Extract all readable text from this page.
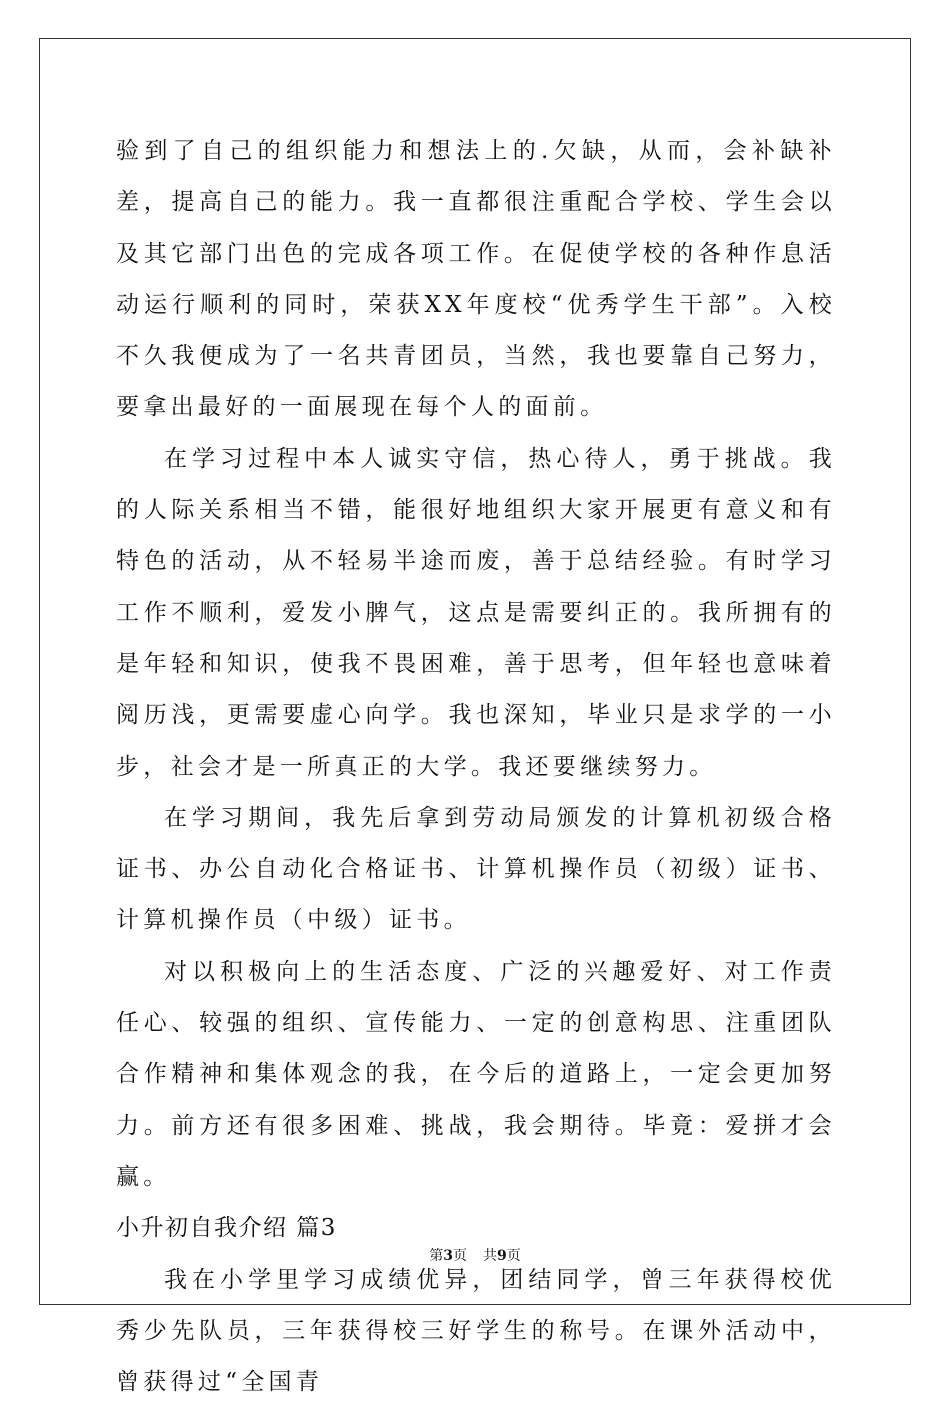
验到了自己的组织能力和想法上的.欠缺，从而，会补缺补差，提高自己的能力。我一直都很注重配合学校、学生会以及其它部门出色的完成各项工作。在促使学校的各种作息活动运行顺利的同时，荣获XX年度校“优秀学生干部”。入校不久我便成为了一名共青团员，当然，我也要靠自己努力，要拿出最好的一面展现在每个人的面前。

在学习过程中本人诚实守信，热心待人，勇于挑战。我的人际关系相当不错，能很好地组织大家开展更有意义和有特色的活动，从不轻易半途而废，善于总结经验。有时学习工作不顺利，爱发小脾气，这点是需要纠正的。我所拥有的是年轻和知识，使我不畏困难，善于思考，但年轻也意味着阅历浅，更需要虚心向学。我也深知，毕业只是求学的一小步，社会才是一所真正的大学。我还要继续努力。

在学习期间，我先后拿到劳动局颁发的计算机初级合格证书、办公自动化合格证书、计算机操作员（初级）证书、计算机操作员（中级）证书。

对以积极向上的生活态度、广泛的兴趣爱好、对工作责任心、较强的组织、宣传能力、一定的创意构思、注重团队合作精神和集体观念的我，在今后的道路上，一定会更加努力。前方还有很多困难、挑战，我会期待。毕竟：爱拼才会赢。

小升初自我介绍 篇3

我在小学里学习成绩优异，团结同学，曾三年获得校优秀少先队员，三年获得校三好学生的称号。在课外活动中，曾获得过“全国青

第3页 共9页
